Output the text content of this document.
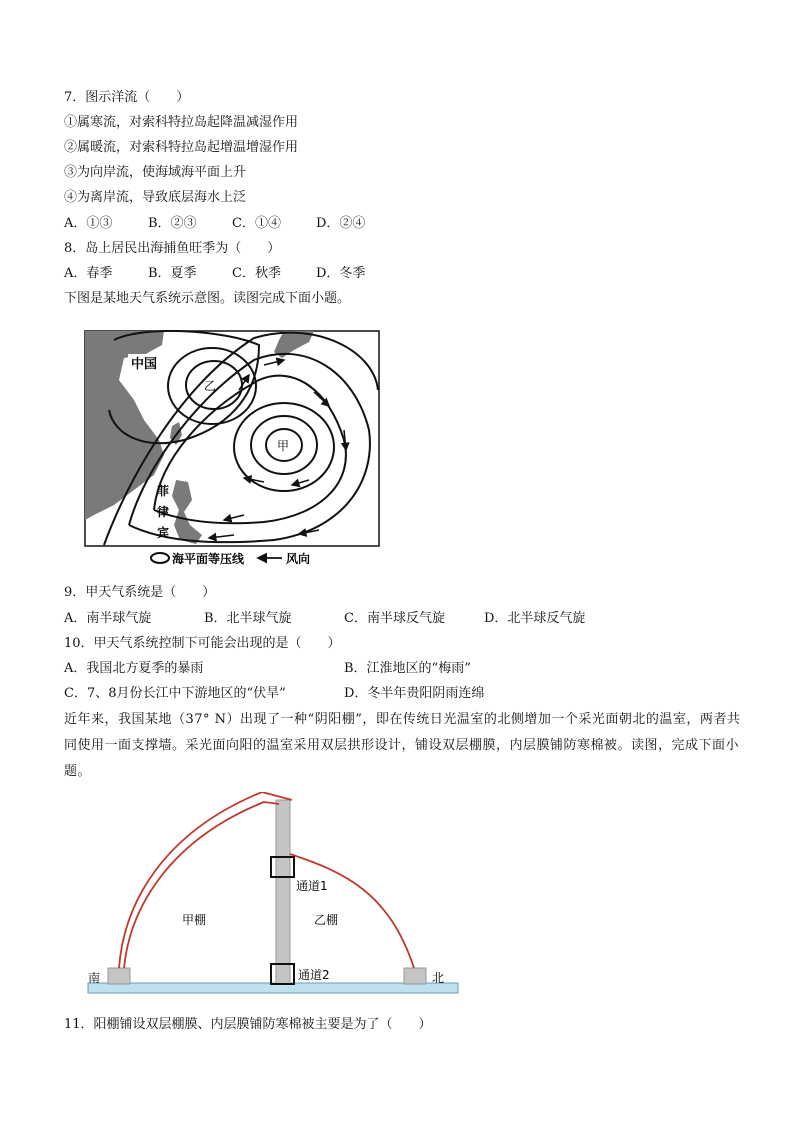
7．图示洋流（　　）
①属寒流，对索科特拉岛起降温减湿作用
②属暖流，对索科特拉岛起增温增湿作用
③为向岸流，使海域海平面上升
④为离岸流，导致底层海水上泛
A．①③	B．②③	C．①④	D．②④
8．岛上居民出海捕鱼旺季为（　　）
A．春季	B．夏季	C．秋季	D．冬季
下图是某地天气系统示意图。读图完成下面小题。
中国
乙
甲
菲
律
宾
海平面等压线	风向
9．甲天气系统是（　　）
A．南半球气旋	B．北半球气旋	C．南半球反气旋	D．北半球反气旋
10．甲天气系统控制下可能会出现的是（　　）
A．我国北方夏季的暴雨	B．江淮地区的“梅雨”
C．7、8月份长江中下游地区的“伏旱”	D．冬半年贵阳阴雨连绵
近年来，我国某地（37° N）出现了一种“阴阳棚”，即在传统日光温室的北侧增加一个采光面朝北的温室，两者共同使用一面支撑墙。采光面向阳的温室采用双层拱形设计，铺设双层棚膜，内层膜铺防寒棉被。读图，完成下面小题。
通道1
通道2
甲棚	乙棚
南	北
11．阳棚铺设双层棚膜、内层膜铺防寒棉被主要是为了（　　）
